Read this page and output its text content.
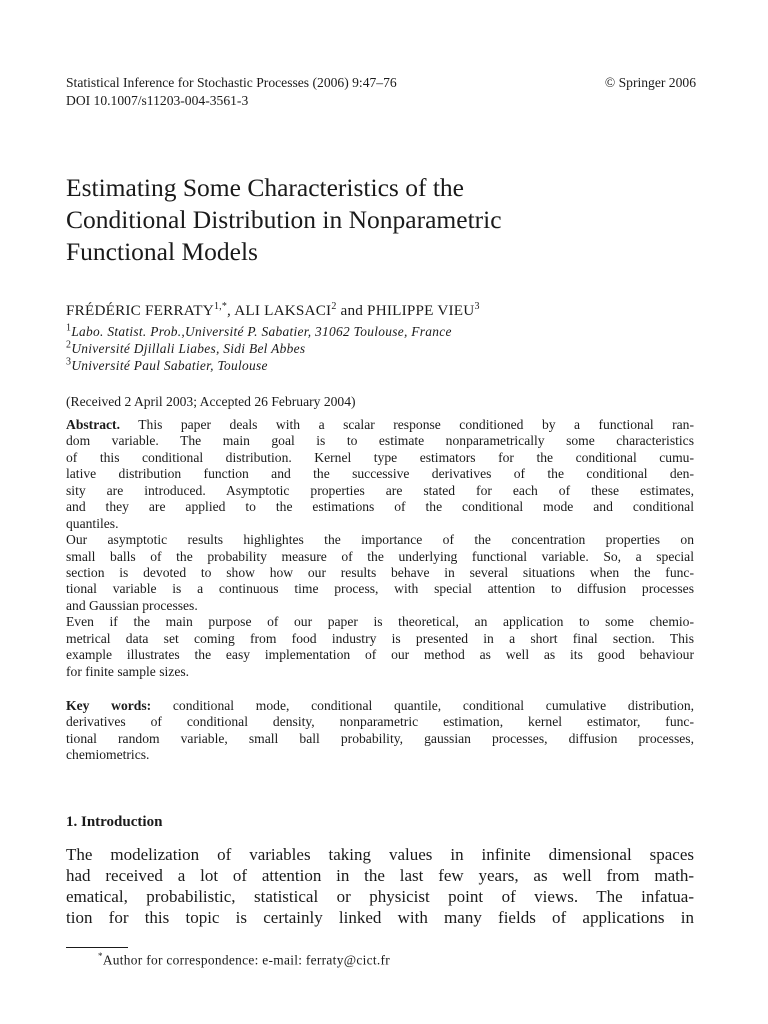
Statistical Inference for Stochastic Processes (2006) 9:47–76	© Springer 2006
DOI 10.1007/s11203-004-3561-3
Estimating Some Characteristics of the
Conditional Distribution in Nonparametric
Functional Models
FRÉDÉRIC $FERRATY^{1,*}$, ALI LAKSACI$^2$ and PHILIPPE VIEU$^3$
$^1$Labo. Statist. Prob.,Université P. Sabatier, 31062 Toulouse, France
$^2$Université Djillali Liabes, Sidi Bel Abbes
$^3$Université Paul Sabatier, Toulouse
(Received 2 April 2003; Accepted 26 February 2004)
Abstract. This paper deals with a scalar response conditioned by a functional ran-
dom variable. The main goal is to estimate nonparametrically some characteristics
of this conditional distribution. Kernel type estimators for the conditional cumu-
lative distribution function and the successive derivatives of the conditional den-
sity are introduced. Asymptotic properties are stated for each of these estimates,
and they are applied to the estimations of the conditional mode and conditional
quantiles.
Our asymptotic results highlightes the importance of the concentration properties on
small balls of the probability measure of the underlying functional variable. So, a special
section is devoted to show how our results behave in several situations when the func-
tional variable is a continuous time process, with special attention to diffusion processes
and Gaussian processes.
Even if the main purpose of our paper is theoretical, an application to some chemio-
metrical data set coming from food industry is presented in a short final section. This
example illustrates the easy implementation of our method as well as its good behaviour
for finite sample sizes.
Key words: conditional mode, conditional quantile, conditional cumulative distribution,
derivatives of conditional density, nonparametric estimation, kernel estimator, func-
tional random variable, small ball probability, gaussian processes, diffusion processes,
chemiometrics.
1. Introduction
The modelization of variables taking values in infinite dimensional spaces
had received a lot of attention in the last few years, as well from math-
ematical, probabilistic, statistical or physicist point of views. The infatua-
tion for this topic is certainly linked with many fields of applications in
*Author for correspondence: e-mail: ferraty@cict.fr
